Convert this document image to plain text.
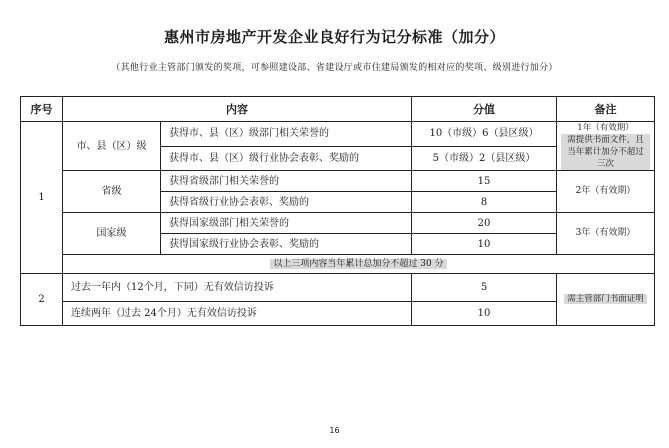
惠州市房地产开发企业良好行为记分标准（加分）
（其他行业主管部门颁发的奖项，可参照建设部、省建设厅或市住建局颁发的相对应的奖项、级别进行加分）
序号	内容		分值	备注
1	市、县（区）级	获得市、县（区）级部门相关荣誉的	10（市级）6（县区级）	1年（有效期）
需提供书面文件，且当年累计加分不超过三次

		获得市、县（区）级行业协会表彰、奖励的	5（市级）2（县区级）	
	省级	获得省级部门相关荣誉的	15	2年（有效期）
		获得省级行业协会表彰、奖励的	8	
	国家级	获得国家级部门相关荣誉的	20	3年（有效期）
		获得国家级行业协会表彰、奖励的	10	
	以上三项内容当年累计总加分不超过 30 分			
2	过去一年内（12个月，下同）无有效信访投诉		5	需主管部门书面证明
	连续两年（过去 24个月）无有效信访投诉		10	
16
